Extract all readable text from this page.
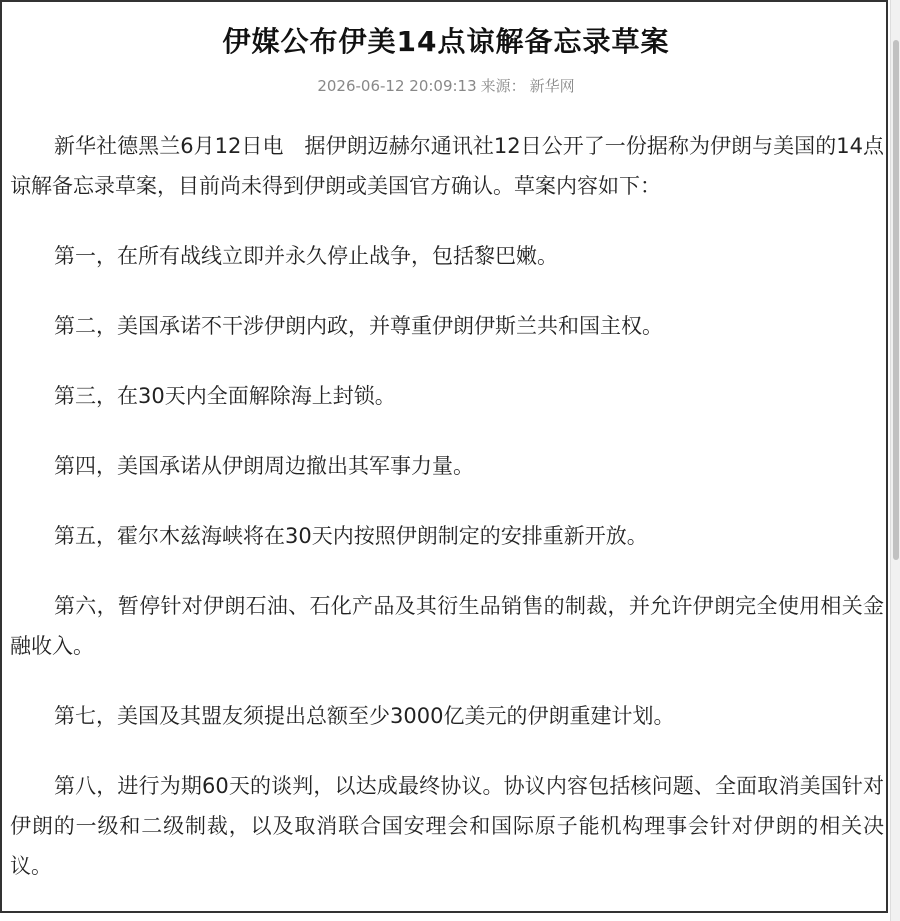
伊媒公布伊美14点谅解备忘录草案
2026-06-12 20:09:13 来源： 新华网

新华社德黑兰6月12日电　据伊朗迈赫尔通讯社12日公开了一份据称为伊朗与美国的14点谅解备忘录草案，目前尚未得到伊朗或美国官方确认。草案内容如下：

第一，在所有战线立即并永久停止战争，包括黎巴嫩。

第二，美国承诺不干涉伊朗内政，并尊重伊朗伊斯兰共和国主权。

第三，在30天内全面解除海上封锁。

第四，美国承诺从伊朗周边撤出其军事力量。

第五，霍尔木兹海峡将在30天内按照伊朗制定的安排重新开放。

第六，暂停针对伊朗石油、石化产品及其衍生品销售的制裁，并允许伊朗完全使用相关金融收入。

第七，美国及其盟友须提出总额至少3000亿美元的伊朗重建计划。

第八，进行为期60天的谈判，以达成最终协议。协议内容包括核问题、全面取消美国针对伊朗的一级和二级制裁，以及取消联合国安理会和国际原子能机构理事会针对伊朗的相关决议。
